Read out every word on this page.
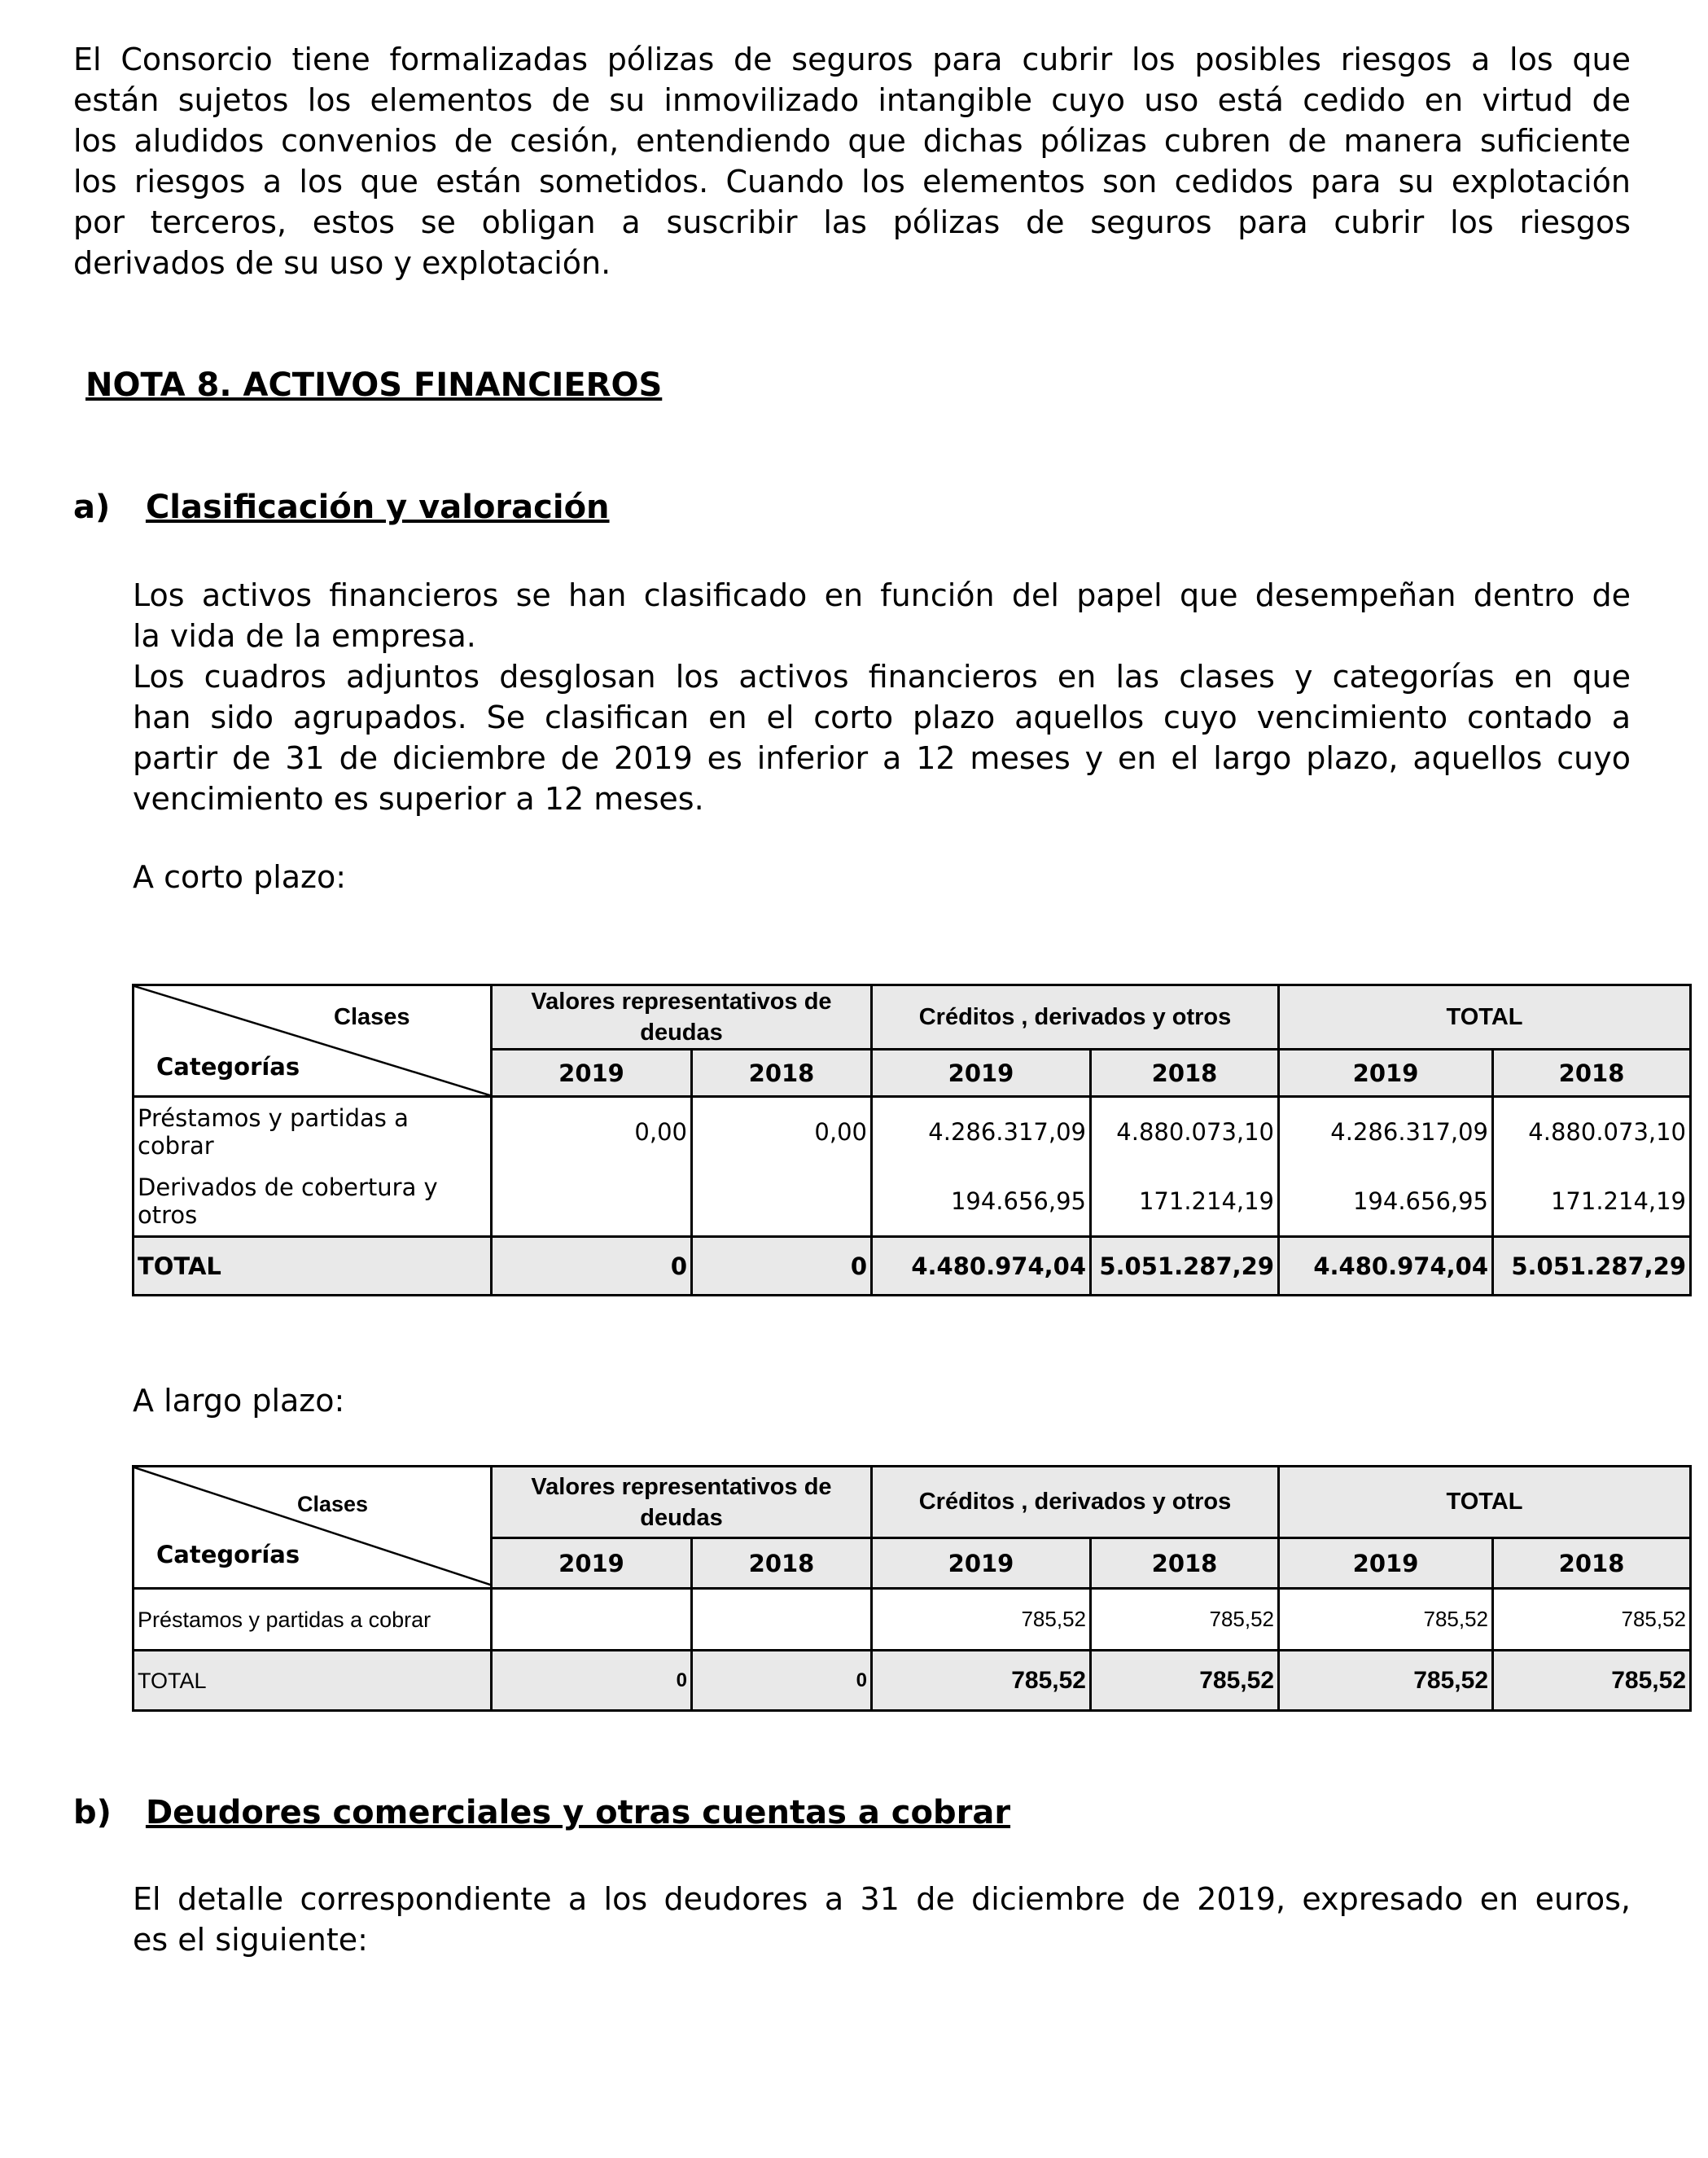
El Consorcio tiene formalizadas pólizas de seguros para cubrir los posibles riesgos a los que
están sujetos los elementos de su inmovilizado intangible cuyo uso está cedido en virtud de
los aludidos convenios de cesión, entendiendo que dichas pólizas cubren de manera suficiente
los riesgos a los que están sometidos. Cuando los elementos son cedidos para su explotación
por terceros, estos se obligan a suscribir las pólizas de seguros para cubrir los riesgos
derivados de su uso y explotación.
NOTA 8. ACTIVOS FINANCIEROS
a) Clasificación y valoración
Los activos financieros se han clasificado en función del papel que desempeñan dentro de
la vida de la empresa.
Los cuadros adjuntos desglosan los activos financieros en las clases y categorías en que
han sido agrupados. Se clasifican en el corto plazo aquellos cuyo vencimiento contado a
partir de 31 de diciembre de 2019 es inferior a 12 meses y en el largo plazo, aquellos cuyo
vencimiento es superior a 12 meses.
A corto plazo:
Clases
Categorías	Valores representativos de deudas		Créditos , derivados y otros		TOTAL	
	2019	2018	2019	2018	2019	2018
Préstamos y partidas a cobrar	0,00	0,00	4.286.317,09	4.880.073,10	4.286.317,09	4.880.073,10
Derivados de cobertura y otros			194.656,95	171.214,19	194.656,95	171.214,19
TOTAL	0	0	4.480.974,04	5.051.287,29	4.480.974,04	5.051.287,29
A largo plazo:
Clases
Categorías	Valores representativos de deudas		Créditos , derivados y otros		TOTAL	
	2019	2018	2019	2018	2019	2018
Préstamos y partidas a cobrar			785,52	785,52	785,52	785,52
TOTAL	0	0	785,52	785,52	785,52	785,52
b) Deudores comerciales y otras cuentas a cobrar
El detalle correspondiente a los deudores a 31 de diciembre de 2019, expresado en euros,
es el siguiente:
